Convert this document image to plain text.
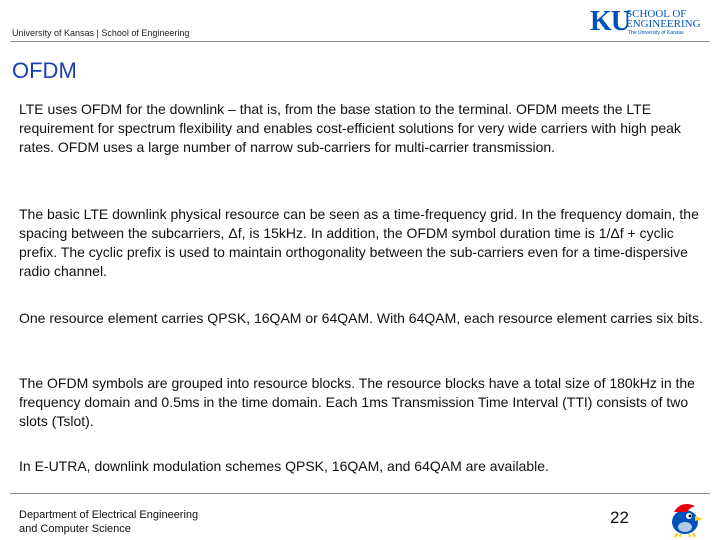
University of Kansas | School of Engineering	KU
SCHOOL OF
ENGINEERING
The University of Kansas
OFDM

LTE uses OFDM for the downlink – that is, from the base station to the terminal. OFDM meets the LTE requirement for spectrum flexibility and enables cost-efficient solutions for very wide carriers with high peak rates. OFDM uses a large number of narrow sub-carriers for multi-carrier transmission.

The basic LTE downlink physical resource can be seen as a time-frequency grid. In the frequency domain, the spacing between the subcarriers, Δf, is 15kHz. In addition, the OFDM symbol duration time is 1/Δf + cyclic prefix. The cyclic prefix is used to maintain orthogonality between the sub-carriers even for a time-dispersive radio channel.

One resource element carries QPSK, 16QAM or 64QAM. With 64QAM, each resource element carries six bits.

The OFDM symbols are grouped into resource blocks. The resource blocks have a total size of 180kHz in the frequency domain and 0.5ms in the time domain. Each 1ms Transmission Time Interval (TTI) consists of two slots (Tslot).

In E-UTRA, downlink modulation schemes QPSK, 16QAM, and 64QAM are available.

Department of Electrical Engineering
and Computer Science
22
